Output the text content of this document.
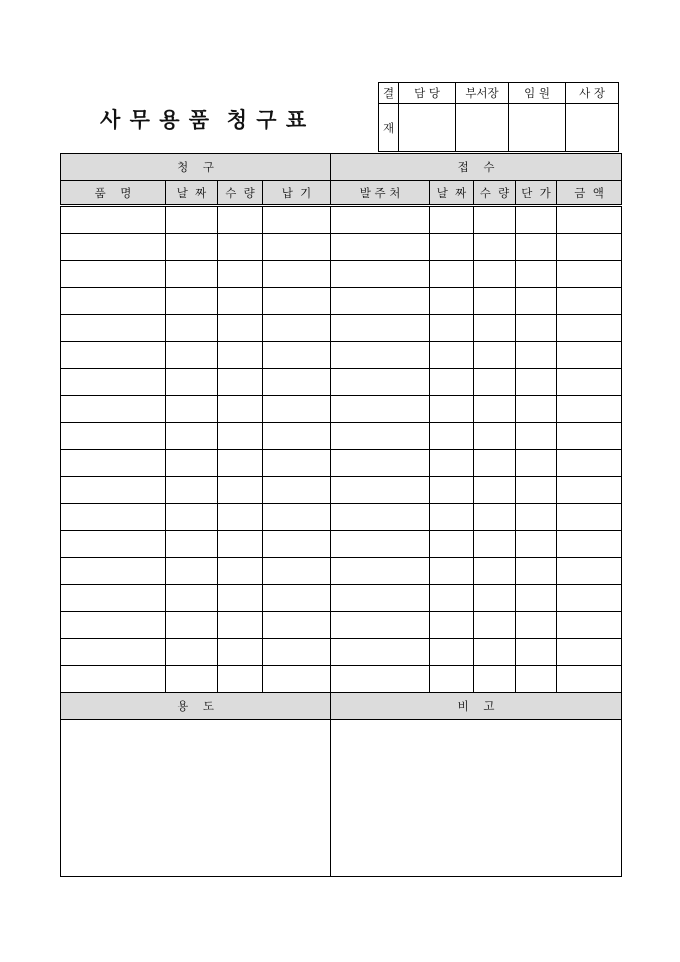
사 무 용 품  청 구 표
결	담 당	부서장	임 원	사 장
재				
청    구				접    수				
품    명	날  짜	수  량	납  기	발 주 처	날  짜	수  량	단  가	금  액

용    도				비    고				
